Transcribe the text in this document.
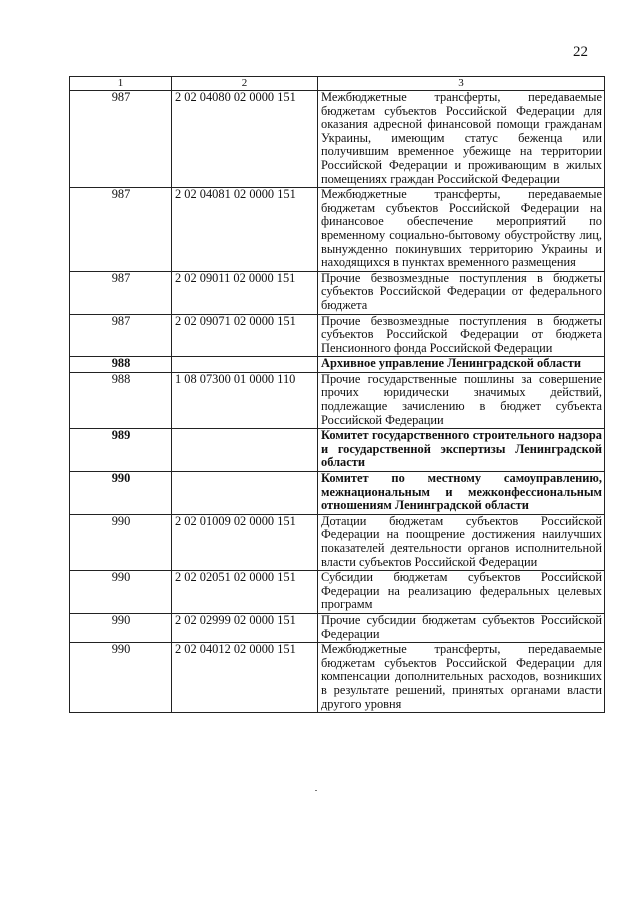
22
1	2	3
987	2 02 04080 02 0000 151	Межбюджетные трансферты, передаваемые бюджетам субъектов Российской Федерации для оказания адресной финансовой помощи гражданам Украины, имеющим статус беженца или получившим временное убежище на территории Российской Федерации и проживающим в жилых помещениях граждан Российской Федерации
987	2 02 04081 02 0000 151	Межбюджетные трансферты, передаваемые бюджетам субъектов Российской Федерации на финансовое обеспечение мероприятий по временному социально-бытовому обустройству лиц, вынужденно покинувших территорию Украины и находящихся в пунктах временного размещения
987	2 02 09011 02 0000 151	Прочие безвозмездные поступления в бюджеты субъектов Российской Федерации от федерального бюджета
987	2 02 09071 02 0000 151	Прочие безвозмездные поступления в бюджеты субъектов Российской Федерации от бюджета Пенсионного фонда Российской Федерации
988		Архивное управление Ленинградской области
988	1 08 07300 01 0000 110	Прочие государственные пошлины за совершение прочих юридически значимых действий, подлежащие зачислению в бюджет субъекта Российской Федерации
989		Комитет государственного строительного надзора и государственной экспертизы Ленинградской области
990		Комитет по местному самоуправлению, межнациональным и межконфессиональным отношениям Ленинградской области
990	2 02 01009 02 0000 151	Дотации бюджетам субъектов Российской Федерации на поощрение достижения наилучших показателей деятельности органов исполнительной власти субъектов Российской Федерации
990	2 02 02051 02 0000 151	Субсидии бюджетам субъектов Российской Федерации на реализацию федеральных целевых программ
990	2 02 02999 02 0000 151	Прочие субсидии бюджетам субъектов Российской Федерации
990	2 02 04012 02 0000 151	Межбюджетные трансферты, передаваемые бюджетам субъектов Российской Федерации для компенсации дополнительных расходов, возникших в результате решений, принятых органами власти другого уровня
